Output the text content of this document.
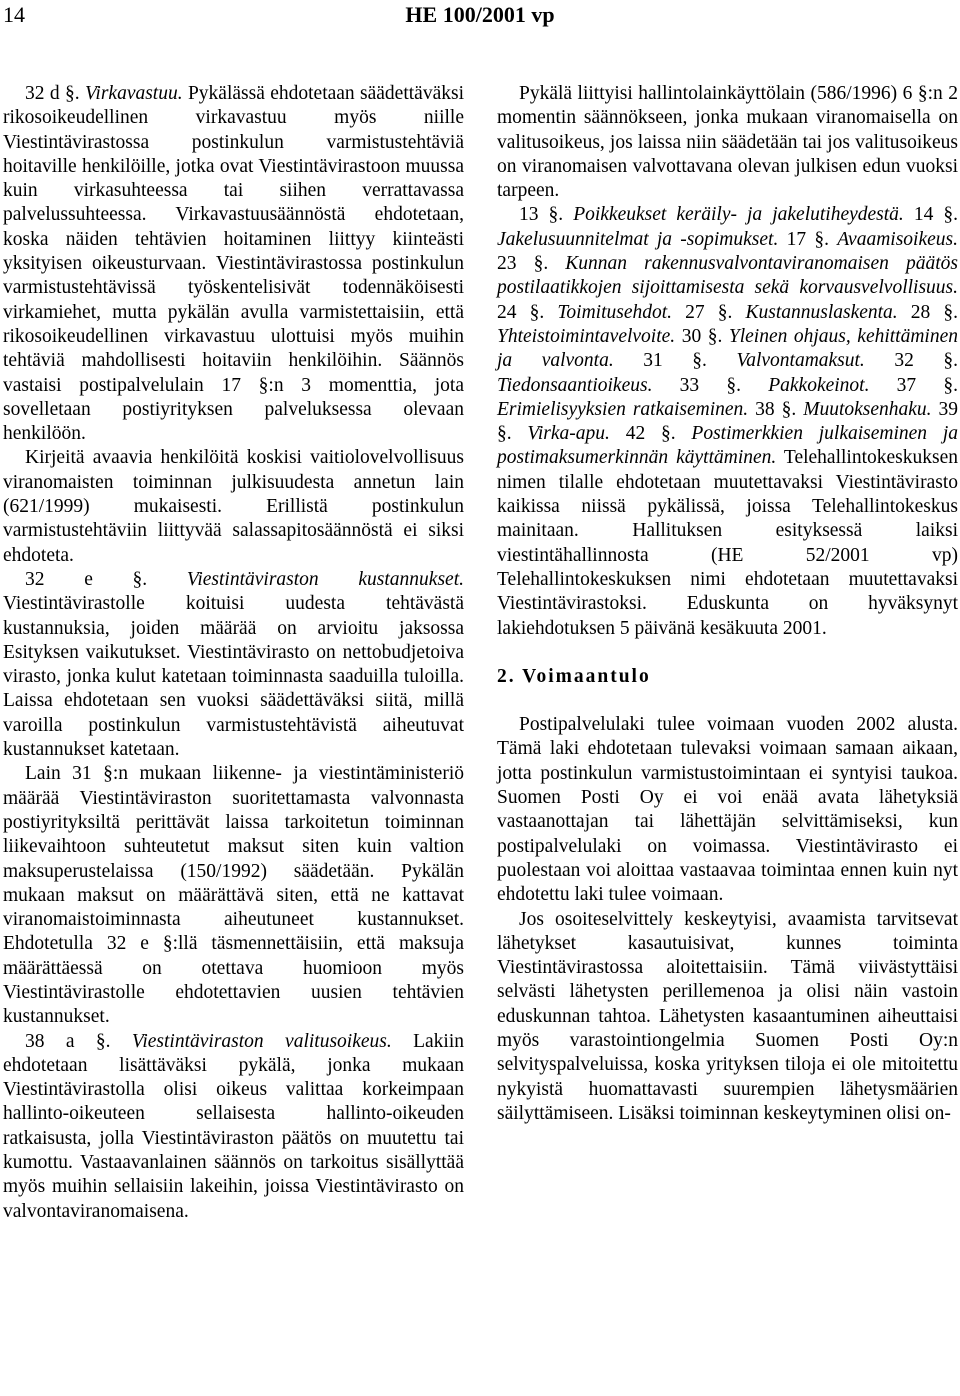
14	HE 100/2001 vp

32 d §. Virkavastuu. Pykälässä ehdotetaan säädettäväksi rikosoikeudellinen virkavastuu myös niille Viestintävirastossa postinkulun varmistustehtäviä hoitaville henkilöille, jotka ovat Viestintävirastoon muussa kuin virkasuhteessa tai siihen verrattavassa palvelussuhteessa. Virkavastuusäännöstä ehdotetaan, koska näiden tehtävien hoitaminen liittyy kiinteästi yksityisen oikeusturvaan. Viestintävirastossa postinkulun varmistustehtävissä työskentelisivät todennäköisesti virkamiehet, mutta pykälän avulla varmistettaisiin, että rikosoikeudellinen virkavastuu ulottuisi myös muihin tehtäviä mahdollisesti hoitaviin henkilöihin. Säännös vastaisi postipalvelulain 17 §:n 3 momenttia, jota sovelletaan postiyrityksen palveluksessa olevaan henkilöön.

Kirjeitä avaavia henkilöitä koskisi vaitiolovelvollisuus viranomaisten toiminnan julkisuudesta annetun lain (621/1999) mukaisesti. Erillistä postinkulun varmistustehtäviin liittyvää salassapitosäännöstä ei siksi ehdoteta.

32 e §. Viestintäviraston kustannukset. Viestintävirastolle koituisi uudesta tehtävästä kustannuksia, joiden määrää on arvioitu jaksossa Esityksen vaikutukset. Viestintävirasto on nettobudjetoiva virasto, jonka kulut katetaan toiminnasta saaduilla tuloilla. Laissa ehdotetaan sen vuoksi säädettäväksi siitä, millä varoilla postinkulun varmistustehtävistä aiheutuvat kustannukset katetaan.

Lain 31 §:n mukaan liikenne- ja viestintäministeriö määrää Viestintäviraston suoritettamasta valvonnasta postiyrityksiltä perittävät laissa tarkoitetun toiminnan liikevaihtoon suhteutetut maksut siten kuin valtion maksuperustelaissa (150/1992) säädetään. Pykälän mukaan maksut on määrättävä siten, että ne kattavat viranomaistoiminnasta aiheutuneet kustannukset. Ehdotetulla 32 e §:llä täsmennettäisiin, että maksuja määrättäessä on otettava huomioon myös Viestintävirastolle ehdotettavien uusien tehtävien kustannukset.

38 a §. Viestintäviraston valitusoikeus. Lakiin ehdotetaan lisättäväksi pykälä, jonka mukaan Viestintävirastolla olisi oikeus valittaa korkeimpaan hallinto-oikeuteen sellaisesta hallinto-oikeuden ratkaisusta, jolla Viestintäviraston päätös on muutettu tai kumottu. Vastaavanlainen säännös on tarkoitus sisällyttää myös muihin sellaisiin lakeihin, joissa Viestintävirasto on valvontaviranomaisena.

Pykälä liittyisi hallintolainkäyttölain (586/1996) 6 §:n 2 momentin säännökseen, jonka mukaan viranomaisella on valitusoikeus, jos laissa niin säädetään tai jos valitusoikeus on viranomaisen valvottavana olevan julkisen edun vuoksi tarpeen.

13 §. Poikkeukset keräily- ja jakelutiheydestä. 14 §. Jakelusuunnitelmat ja -sopimukset. 17 §. Avaamisoikeus. 23 §. Kunnan rakennusvalvontaviranomaisen päätös postilaatikkojen sijoittamisesta sekä korvausvelvollisuus. 24 §. Toimitusehdot. 27 §. Kustannuslaskenta. 28 §. Yhteistoimintavelvoite. 30 §. Yleinen ohjaus, kehittäminen ja valvonta. 31 §. Valvontamaksut. 32 §. Tiedonsaantioikeus. 33 §. Pakkokeinot. 37 §. Erimielisyyksien ratkaiseminen. 38 §. Muutoksenhaku. 39 §. Virka-apu. 42 §. Postimerkkien julkaiseminen ja postimaksumerkinnän käyttäminen. Telehallintokeskuksen nimen tilalle ehdotetaan muutettavaksi Viestintävirasto kaikissa niissä pykälissä, joissa Telehallintokeskus mainitaan. Hallituksen esityksessä laiksi viestintähallinnosta (HE 52/2001 vp) Telehallintokeskuksen nimi ehdotetaan muutettavaksi Viestintävirastoksi. Eduskunta on hyväksynyt lakiehdotuksen 5 päivänä kesäkuuta 2001.

2. Voimaantulo

Postipalvelulaki tulee voimaan vuoden 2002 alusta. Tämä laki ehdotetaan tulevaksi voimaan samaan aikaan, jotta postinkulun varmistustoimintaan ei syntyisi taukoa. Suomen Posti Oy ei voi enää avata lähetyksiä vastaanottajan tai lähettäjän selvittämiseksi, kun postipalvelulaki on voimassa. Viestintävirasto ei puolestaan voi aloittaa vastaavaa toimintaa ennen kuin nyt ehdotettu laki tulee voimaan.

Jos osoiteselvittely keskeytyisi, avaamista tarvitsevat lähetykset kasautuisivat, kunnes toiminta Viestintävirastossa aloitettaisiin. Tämä viivästyttäisi selvästi lähetysten perillemenoa ja olisi näin vastoin eduskunnan tahtoa. Lähetysten kasaantuminen aiheuttaisi myös varastointiongelmia Suomen Posti Oy:n selvityspalveluissa, koska yrityksen tiloja ei ole mitoitettu nykyistä huomattavasti suurempien lähetysmäärien säilyttämiseen. Lisäksi toiminnan keskeytyminen olisi on-
